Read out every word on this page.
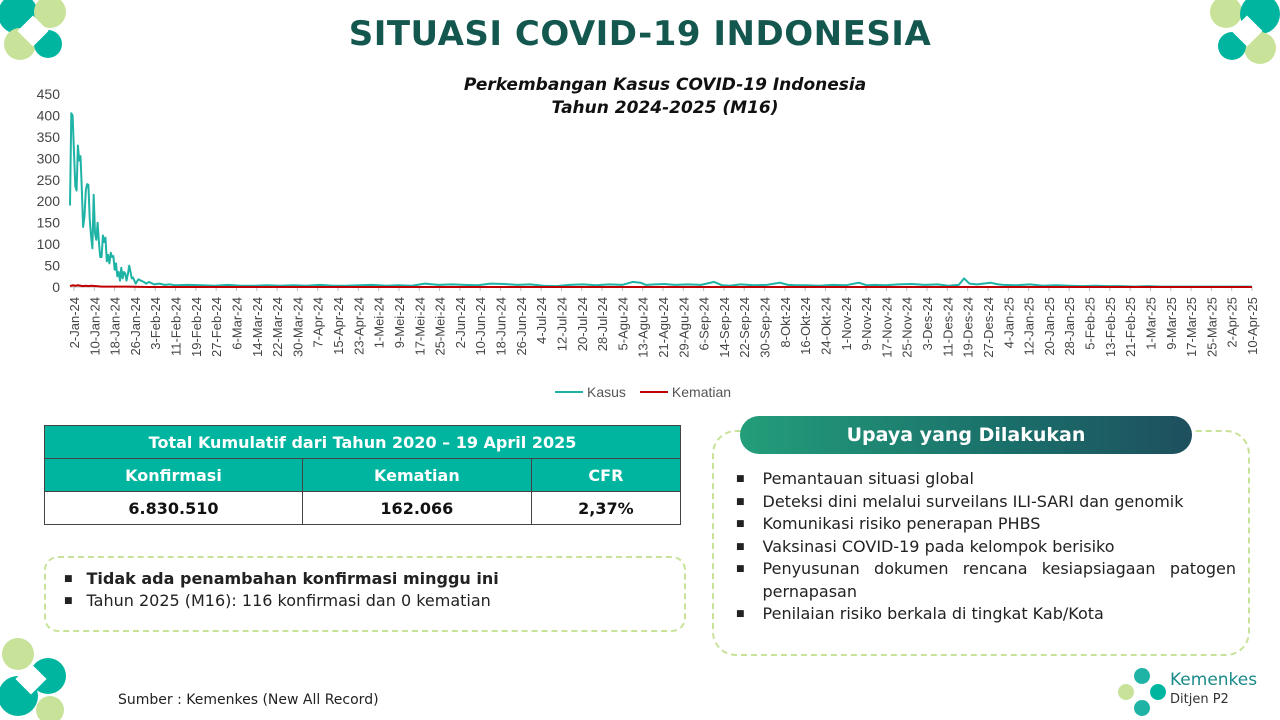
SITUASI COVID-19 INDONESIA
Perkembangan Kasus COVID-19 Indonesia
Tahun 2024-2025 (M16)
0
50
100
150
200
250
300
350
400
450
2-Jan-24 10-Jan-24 18-Jan-24 26-Jan-24 3-Feb-24 11-Feb-24 19-Feb-24 27-Feb-24 6-Mar-24 14-Mar-24 22-Mar-24 30-Mar-24 7-Apr-24 15-Apr-24 23-Apr-24 1-Mei-24 9-Mei-24 17-Mei-24 25-Mei-24 2-Jun-24 10-Jun-24 18-Jun-24 26-Jun-24 4-Jul-24 12-Jul-24 20-Jul-24 28-Jul-24 5-Agu-24 13-Agu-24 21-Agu-24 29-Agu-24 6-Sep-24 14-Sep-24 22-Sep-24 30-Sep-24 8-Okt-24 16-Okt-24 24-Okt-24 1-Nov-24 9-Nov-24 17-Nov-24 25-Nov-24 3-Des-24 11-Des-24 19-Des-24 27-Des-24 4-Jan-25 12-Jan-25 20-Jan-25 28-Jan-25 5-Feb-25 13-Feb-25 21-Feb-25 1-Mar-25 9-Mar-25 17-Mar-25 25-Mar-25 2-Apr-25 10-Apr-25
Kasus	Kematian
Total Kumulatif dari Tahun 2020 – 19 April 2025		
Konfirmasi	Kematian	CFR
6.830.510	162.066	2,37%
■ Tidak ada penambahan konfirmasi minggu ini
■ Tahun 2025 (M16): 116 konfirmasi dan 0 kematian
■ Pemantauan situasi global
■ Deteksi dini melalui surveilans ILI-SARI dan genomik
■ Komunikasi risiko penerapan PHBS
■ Vaksinasi COVID-19 pada kelompok berisiko
■ Penyusunan dokumen rencana kesiapsiagaan patogen pernapasan
■ Penilaian risiko berkala di tingkat Kab/Kota
Upaya yang Dilakukan
Sumber : Kemenkes (New All Record)
Kemenkes
Ditjen P2
